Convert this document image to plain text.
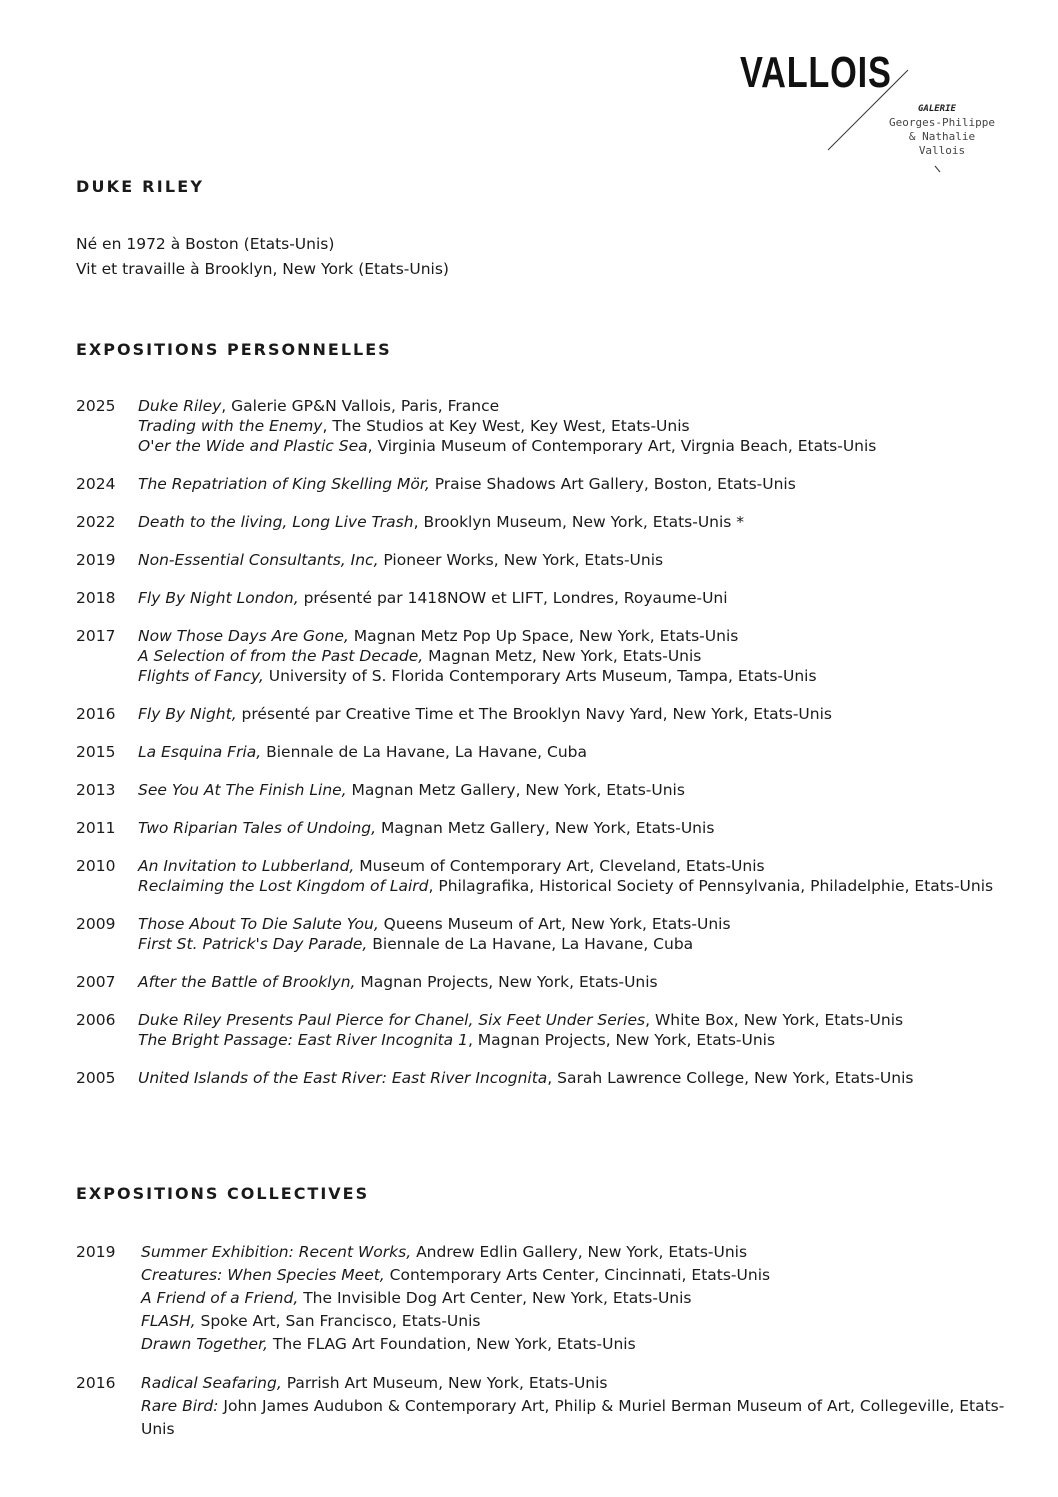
VALLOIS
GALERIE
Georges-Philippe
& Nathalie
Vallois
DUKE RILEY
Né en 1972 à Boston (Etats-Unis)
Vit et travaille à Brooklyn, New York (Etats-Unis)
EXPOSITIONS PERSONNELLES
2025	Duke Riley, Galerie GP&N Vallois, Paris, France
Trading with the Enemy, The Studios at Key West, Key West, Etats-Unis
O'er the Wide and Plastic Sea, Virginia Museum of Contemporary Art, Virgnia Beach, Etats-Unis
2024	The Repatriation of King Skelling Mör, Praise Shadows Art Gallery, Boston, Etats-Unis
2022	Death to the living, Long Live Trash, Brooklyn Museum, New York, Etats-Unis *
2019	Non-Essential Consultants, Inc, Pioneer Works, New York, Etats-Unis
2018	Fly By Night London, présenté par 1418NOW et LIFT, Londres, Royaume-Uni
2017	Now Those Days Are Gone, Magnan Metz Pop Up Space, New York, Etats-Unis
A Selection of from the Past Decade, Magnan Metz, New York, Etats-Unis
Flights of Fancy, University of S. Florida Contemporary Arts Museum, Tampa, Etats-Unis
2016	Fly By Night, présenté par Creative Time et The Brooklyn Navy Yard, New York, Etats-Unis
2015	La Esquina Fria, Biennale de La Havane, La Havane, Cuba
2013	See You At The Finish Line, Magnan Metz Gallery, New York, Etats-Unis
2011	Two Riparian Tales of Undoing, Magnan Metz Gallery, New York, Etats-Unis
2010	An Invitation to Lubberland, Museum of Contemporary Art, Cleveland, Etats-Unis
Reclaiming the Lost Kingdom of Laird, Philagrafika, Historical Society of Pennsylvania, Philadelphie, Etats-Unis
2009	Those About To Die Salute You, Queens Museum of Art, New York, Etats-Unis
First St. Patrick's Day Parade, Biennale de La Havane, La Havane, Cuba
2007	After the Battle of Brooklyn, Magnan Projects, New York, Etats-Unis
2006	Duke Riley Presents Paul Pierce for Chanel, Six Feet Under Series, White Box, New York, Etats-Unis
The Bright Passage: East River Incognita 1, Magnan Projects, New York, Etats-Unis
2005	United Islands of the East River: East River Incognita, Sarah Lawrence College, New York, Etats-Unis
EXPOSITIONS COLLECTIVES
2019	Summer Exhibition: Recent Works, Andrew Edlin Gallery, New York, Etats-Unis
Creatures: When Species Meet, Contemporary Arts Center, Cincinnati, Etats-Unis
A Friend of a Friend, The Invisible Dog Art Center, New York, Etats-Unis
FLASH, Spoke Art, San Francisco, Etats-Unis
Drawn Together, The FLAG Art Foundation, New York, Etats-Unis
2016	Radical Seafaring, Parrish Art Museum, New York, Etats-Unis
Rare Bird: John James Audubon & Contemporary Art, Philip & Muriel Berman Museum of Art, Collegeville, Etats-Unis
